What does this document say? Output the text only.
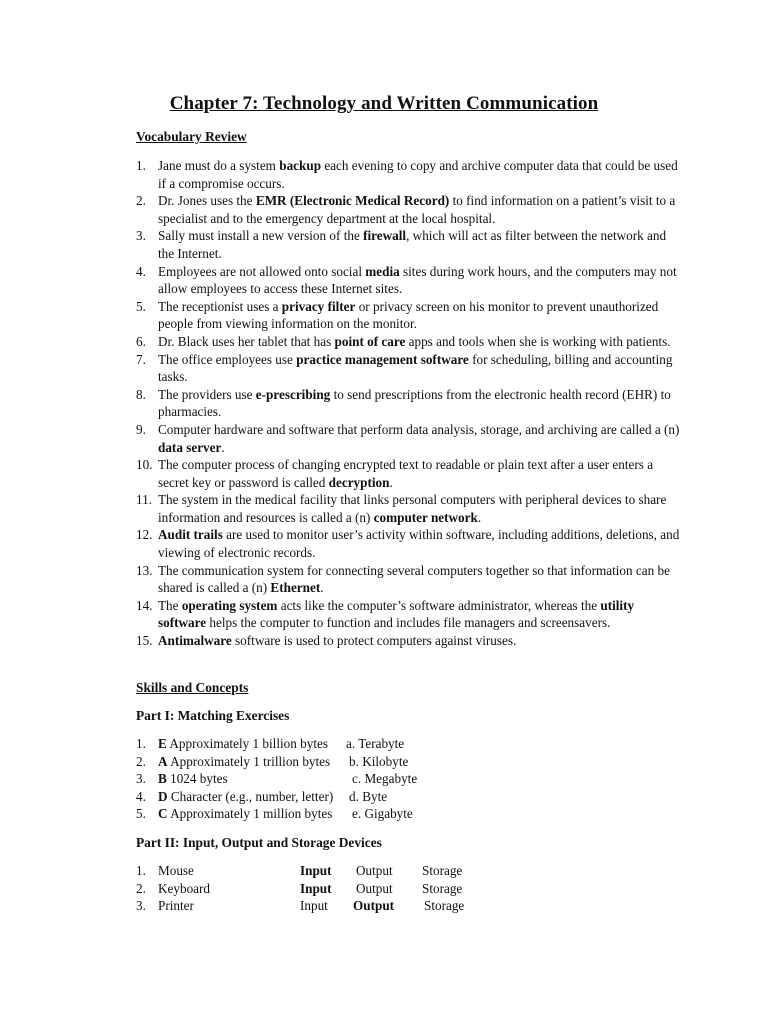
Chapter 7: Technology and Written Communication
Vocabulary Review
1. Jane must do a system backup each evening to copy and archive computer data that could be used if a compromise occurs.
2. Dr. Jones uses the EMR (Electronic Medical Record) to find information on a patient’s visit to a specialist and to the emergency department at the local hospital.
3. Sally must install a new version of the firewall, which will act as filter between the network and the Internet.
4. Employees are not allowed onto social media sites during work hours, and the computers may not allow employees to access these Internet sites.
5. The receptionist uses a privacy filter or privacy screen on his monitor to prevent unauthorized people from viewing information on the monitor.
6. Dr. Black uses her tablet that has point of care apps and tools when she is working with patients.
7. The office employees use practice management software for scheduling, billing and accounting tasks.
8. The providers use e-prescribing to send prescriptions from the electronic health record (EHR) to pharmacies.
9. Computer hardware and software that perform data analysis, storage, and archiving are called a (n) data server.
10. The computer process of changing encrypted text to readable or plain text after a user enters a secret key or password is called decryption.
11. The system in the medical facility that links personal computers with peripheral devices to share information and resources is called a (n) computer network.
12. Audit trails are used to monitor user’s activity within software, including additions, deletions, and viewing of electronic records.
13. The communication system for connecting several computers together so that information can be shared is called a (n) Ethernet.
14. The operating system acts like the computer’s software administrator, whereas the utility software helps the computer to function and includes file managers and screensavers.
15. Antimalware software is used to protect computers against viruses.
Skills and Concepts
Part I: Matching Exercises
1. E Approximately 1 billion bytes a. Terabyte
2. A Approximately 1 trillion bytes b. Kilobyte
3. B 1024 bytes	c. Megabyte
4. D Character (e.g., number, letter) d. Byte
5. C Approximately 1 million bytes e. Gigabyte
Part II: Input, Output and Storage Devices
1. Mouse	Input Output Storage
2. Keyboard	Input Output Storage
3. Printer	Input Output Storage
